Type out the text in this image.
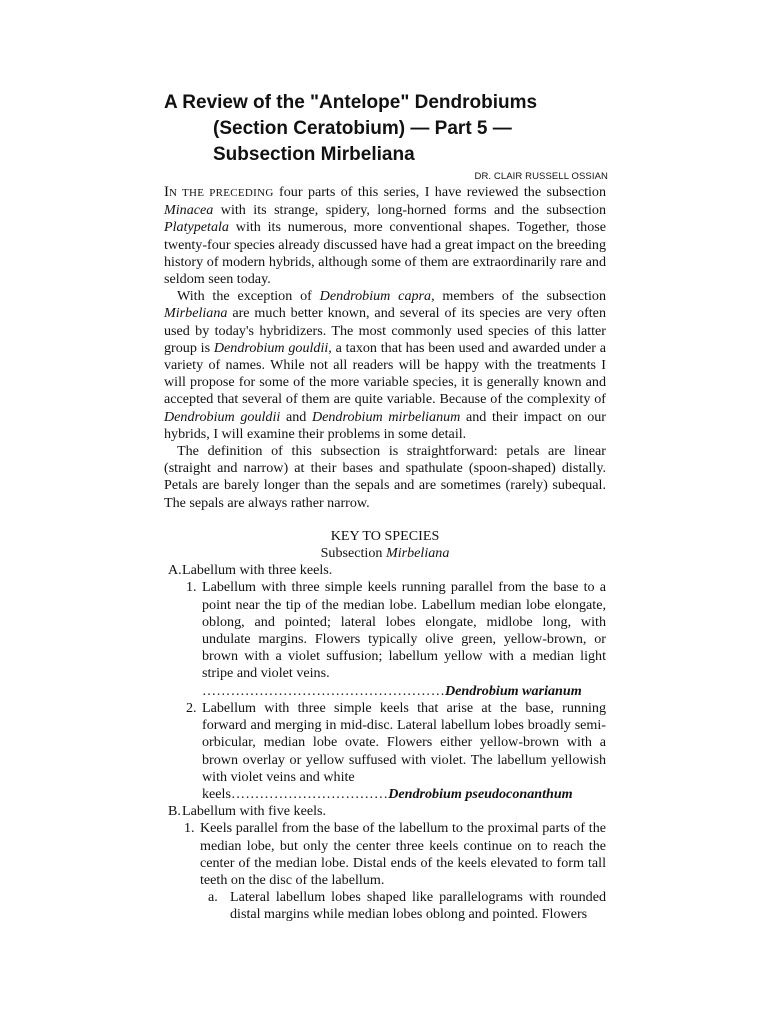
A Review of the "Antelope" Dendrobiums
(Section Ceratobium) — Part 5 —
Subsection Mirbeliana
DR. CLAIR RUSSELL OSSIAN

IN THE PRECEDING four parts of this series, I have reviewed the subsection Minacea with its strange, spidery, long-horned forms and the subsection Platypetala with its numerous, more conventional shapes. Together, those twenty-four species already discussed have had a great impact on the breeding history of modern hybrids, although some of them are extraordinarily rare and seldom seen today.

With the exception of Dendrobium capra, members of the subsection Mirbeliana are much better known, and several of its species are very often used by today's hybridizers. The most commonly used species of this latter group is Dendrobium gouldii, a taxon that has been used and awarded under a variety of names. While not all readers will be happy with the treatments I will propose for some of the more variable species, it is generally known and accepted that several of them are quite variable. Because of the complexity of Dendrobium gouldii and Dendrobium mirbelianum and their impact on our hybrids, I will examine their problems in some detail.

The definition of this subsection is straightforward: petals are linear (straight and narrow) at their bases and spathulate (spoon-shaped) distally. Petals are barely longer than the sepals and are sometimes (rarely) subequal. The sepals are always rather narrow.

KEY TO SPECIES

Subsection Mirbeliana

A. Labellum with three keels.
1. Labellum with three simple keels running parallel from the base to a point near the tip of the median lobe. Labellum median lobe elongate, oblong, and pointed; lateral lobes elongate, midlobe long, with undulate margins. Flowers typically olive green, yellow-brown, or brown with a violet suffusion; labellum yellow with a median light stripe and violet veins.
……………………………………………Dendrobium warianum
2. Labellum with three simple keels that arise at the base, running forward and merging in mid-disc. Lateral labellum lobes broadly semi-orbicular, median lobe ovate. Flowers either yellow-brown with a brown overlay or yellow suffused with violet. The labellum yellowish with violet veins and white
keels……………………………Dendrobium pseudoconanthum
B. Labellum with five keels.
1. Keels parallel from the base of the labellum to the proximal parts of the median lobe, but only the center three keels continue on to reach the center of the median lobe. Distal ends of the keels elevated to form tall teeth on the disc of the labellum.
a. Lateral labellum lobes shaped like parallelograms with rounded distal margins while median lobes oblong and pointed. Flowers
